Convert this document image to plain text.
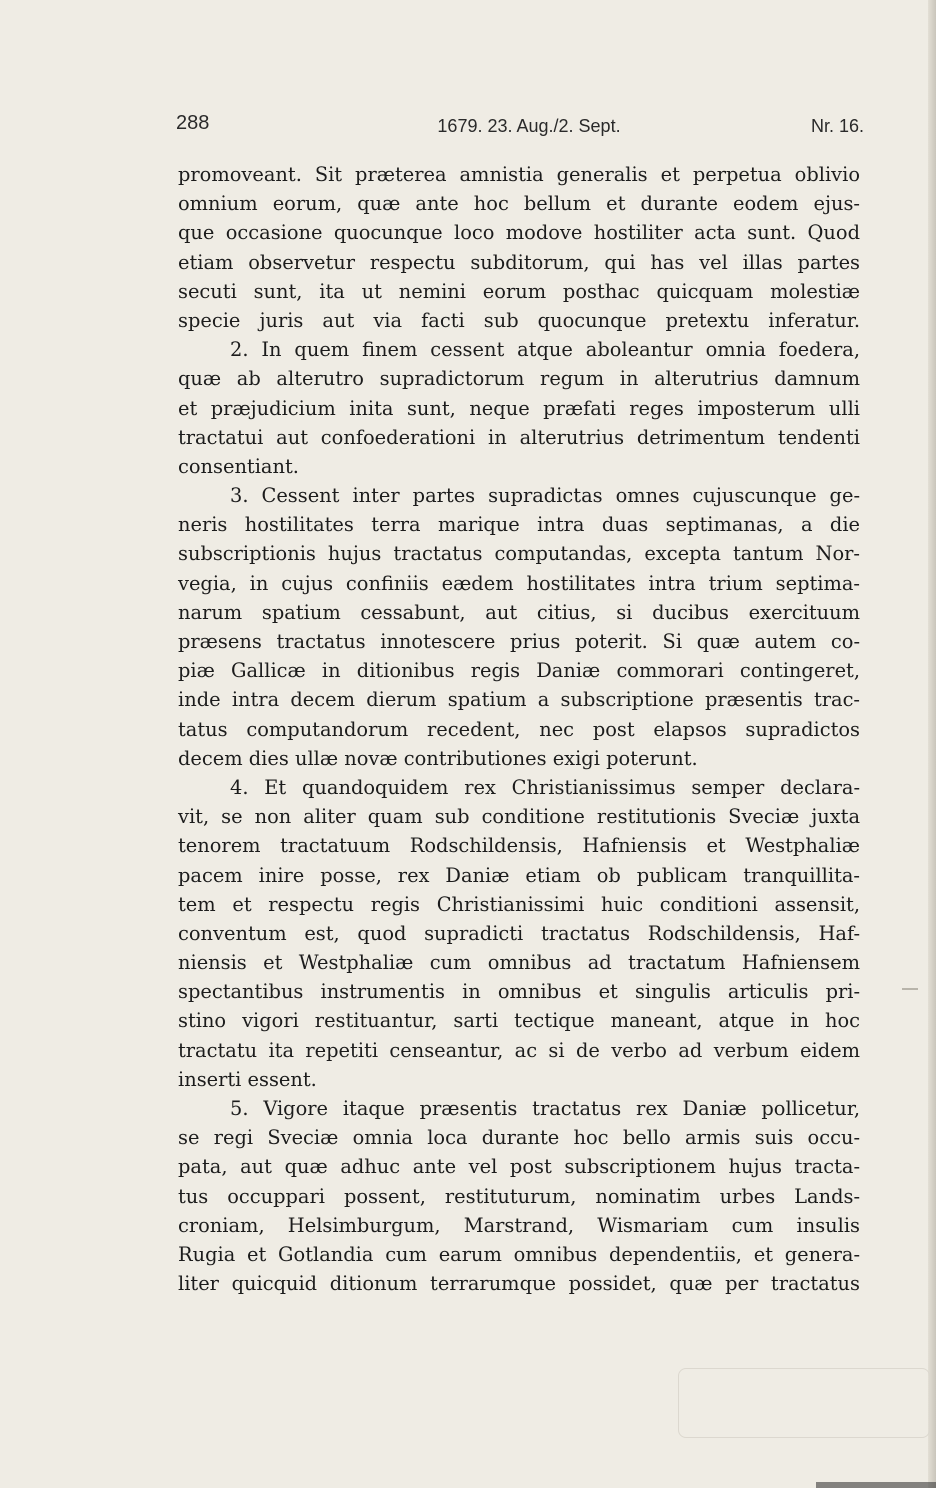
288	1679. 23. Aug./2. Sept.	Nr. 16.
promoveant. Sit præterea amnistia generalis et perpetua oblivio
omnium eorum, quæ ante hoc bellum et durante eodem ejus-
que occasione quocunque loco modove hostiliter acta sunt. Quod
etiam observetur respectu subditorum, qui has vel illas partes
secuti sunt, ita ut nemini eorum posthac quicquam molestiæ
specie juris aut via facti sub quocunque pretextu inferatur.
2. In quem finem cessent atque aboleantur omnia foedera,
quæ ab alterutro supradictorum regum in alterutrius damnum
et præjudicium inita sunt, neque præfati reges imposterum ulli
tractatui aut confoederationi in alterutrius detrimentum tendenti
consentiant.
3. Cessent inter partes supradictas omnes cujuscunque ge-
neris hostilitates terra marique intra duas septimanas, a die
subscriptionis hujus tractatus computandas, excepta tantum Nor-
vegia, in cujus confiniis eædem hostilitates intra trium septima-
narum spatium cessabunt, aut citius, si ducibus exercituum
præsens tractatus innotescere prius poterit. Si quæ autem co-
piæ Gallicæ in ditionibus regis Daniæ commorari contingeret,
inde intra decem dierum spatium a subscriptione præsentis trac-
tatus computandorum recedent, nec post elapsos supradictos
decem dies ullæ novæ contributiones exigi poterunt.
4. Et quandoquidem rex Christianissimus semper declara-
vit, se non aliter quam sub conditione restitutionis Sveciæ juxta
tenorem tractatuum Rodschildensis, Hafniensis et Westphaliæ
pacem inire posse, rex Daniæ etiam ob publicam tranquillita-
tem et respectu regis Christianissimi huic conditioni assensit,
conventum est, quod supradicti tractatus Rodschildensis, Haf-
niensis et Westphaliæ cum omnibus ad tractatum Hafniensem
spectantibus instrumentis in omnibus et singulis articulis pri-
stino vigori restituantur, sarti tectique maneant, atque in hoc
tractatu ita repetiti censeantur, ac si de verbo ad verbum eidem
inserti essent.
5. Vigore itaque præsentis tractatus rex Daniæ pollicetur,
se regi Sveciæ omnia loca durante hoc bello armis suis occu-
pata, aut quæ adhuc ante vel post subscriptionem hujus tracta-
tus occuppari possent, restituturum, nominatim urbes Lands-
croniam, Helsimburgum, Marstrand, Wismariam cum insulis
Rugia et Gotlandia cum earum omnibus dependentiis, et genera-
liter quicquid ditionum terrarumque possidet, quæ per tractatus
